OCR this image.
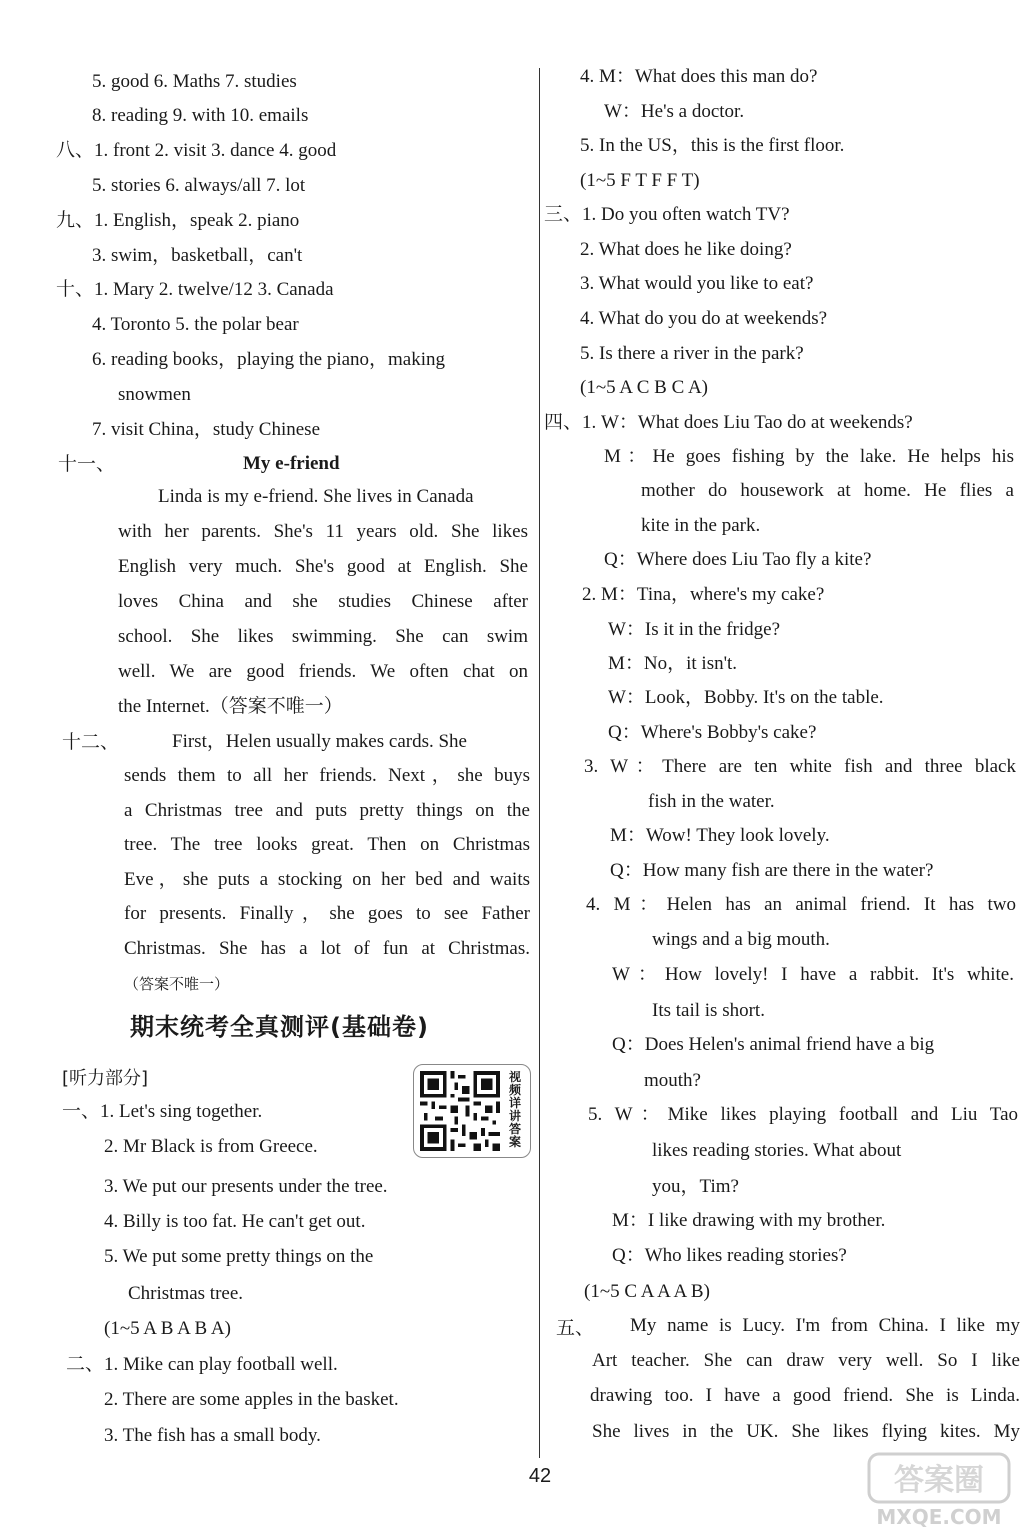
5. good 6. Maths 7. studies
8. reading 9. with 10. emails
八、1. front 2. visit 3. dance 4. good
5. stories 6. always/all 7. lot
九、1. English，speak 2. piano
3. swim，basketball，can't
十、1. Mary 2. twelve/12 3. Canada
4. Toronto 5. the polar bear
6. reading books，playing the piano，making
snowmen
7. visit China，study Chinese
十一、	My e-friend
Linda is my e-friend. She lives in Canada
with her parents. She's 11 years old. She likes
English very much. She's good at English. She
loves China and she studies Chinese after
school. She likes swimming. She can swim
well. We are good friends. We often chat on
the Internet.（答案不唯一）
十二、	First，Helen usually makes cards. She
sends them to all her friends. Next，she buys
a Christmas tree and puts pretty things on the
tree. The tree looks great. Then on Christmas
Eve，she puts a stocking on her bed and waits
for presents. Finally，she goes to see Father
Christmas. She has a lot of fun at Christmas.
（答案不唯一）
期末统考全真测评(基础卷)
[听力部分]	视频详讲答案
一、1. Let's sing together.
2. Mr Black is from Greece.
3. We put our presents under the tree.
4. Billy is too fat. He can't get out.
5. We put some pretty things on the
Christmas tree.
(1~5 A B A B A)
二、1. Mike can play football well.
2. There are some apples in the basket.
3. The fish has a small body.
4. M：What does this man do?
W：He's a doctor.
5. In the US，this is the first floor.
(1~5 F T F F T)
三、1. Do you often watch TV?
2. What does he like doing?
3. What would you like to eat?
4. What do you do at weekends?
5. Is there a river in the park?
(1~5 A C B C A)
四、1. W：What does Liu Tao do at weekends?
M：He goes fishing by the lake. He helps his
mother do housework at home. He flies a
kite in the park.
Q：Where does Liu Tao fly a kite?
2. M：Tina，where's my cake?
W：Is it in the fridge?
M：No，it isn't.
W：Look，Bobby. It's on the table.
Q：Where's Bobby's cake?
3. W：There are ten white fish and three black
fish in the water.
M：Wow! They look lovely.
Q：How many fish are there in the water?
4. M：Helen has an animal friend. It has two
wings and a big mouth.
W：How lovely! I have a rabbit. It's white.
Its tail is short.
Q：Does Helen's animal friend have a big
mouth?
5. W：Mike likes playing football and Liu Tao
likes reading stories. What about
you，Tim?
M：I like drawing with my brother.
Q：Who likes reading stories?
(1~5 C A A A B)
五、 My name is Lucy. I'm from China. I like my
Art teacher. She can draw very well. So I like
drawing too. I have a good friend. She is Linda.
She lives in the UK. She likes flying kites. My
42	答案圈
MXQE.COM
